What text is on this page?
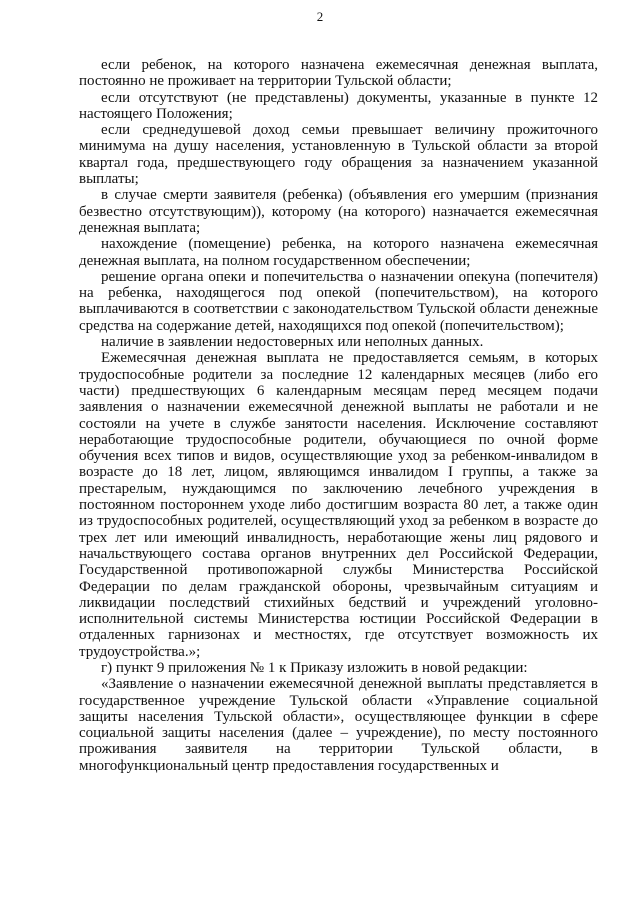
2

если ребенок, на которого назначена ежемесячная денежная выплата, постоянно не проживает на территории Тульской области;

если отсутствуют (не представлены) документы, указанные в пункте 12 настоящего Положения;

если среднедушевой доход семьи превышает величину прожиточного минимума на душу населения, установленную в Тульской области за второй квартал года, предшествующего году обращения за назначением указанной выплаты;

в случае смерти заявителя (ребенка) (объявления его умершим (признания безвестно отсутствующим)), которому (на которого) назначается ежемесячная денежная выплата;

нахождение (помещение) ребенка, на которого назначена ежемесячная денежная выплата, на полном государственном обеспечении;

решение органа опеки и попечительства о назначении опекуна (попечителя) на ребенка, находящегося под опекой (попечительством), на которого выплачиваются в соответствии с законодательством Тульской области денежные средства на содержание детей, находящихся под опекой (попечительством);

наличие в заявлении недостоверных или неполных данных.

Ежемесячная денежная выплата не предоставляется семьям, в которых трудоспособные родители за последние 12 календарных месяцев (либо его части) предшествующих 6 календарным месяцам перед месяцем подачи заявления о назначении ежемесячной денежной выплаты не работали и не состояли на учете в службе занятости населения. Исключение составляют неработающие трудоспособные родители, обучающиеся по очной форме обучения всех типов и видов, осуществляющие уход за ребенком-инвалидом в возрасте до 18 лет, лицом, являющимся инвалидом I группы, а также за престарелым, нуждающимся по заключению лечебного учреждения в постоянном постороннем уходе либо достигшим возраста 80 лет, а также один из трудоспособных родителей, осуществляющий уход за ребенком в возрасте до трех лет или имеющий инвалидность, неработающие жены лиц рядового и начальствующего состава органов внутренних дел Российской Федерации, Государственной противопожарной службы Министерства Российской Федерации по делам гражданской обороны, чрезвычайным ситуациям и ликвидации последствий стихийных бедствий и учреждений уголовно-исполнительной системы Министерства юстиции Российской Федерации в отдаленных гарнизонах и местностях, где отсутствует возможность их трудоустройства.»;

г) пункт 9 приложения № 1 к Приказу изложить в новой редакции:

«Заявление о назначении ежемесячной денежной выплаты представляется в государственное учреждение Тульской области «Управление социальной защиты населения Тульской области», осуществляющее функции в сфере социальной защиты населения (далее – учреждение), по месту постоянного проживания заявителя на территории Тульской области, в многофункциональный центр предоставления государственных и
